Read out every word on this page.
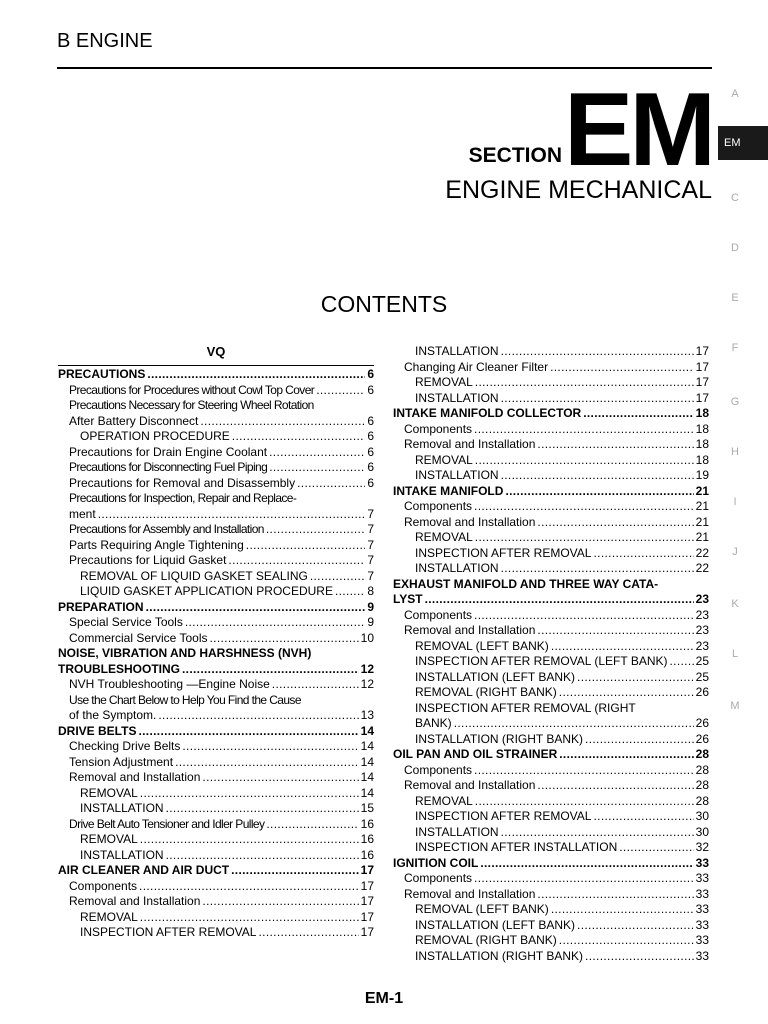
B ENGINE
SECTION EM
ENGINE MECHANICAL
A
EM
C
D
E
F
G
H
I
J
K
L
M
CONTENTS
VQ
PRECAUTIONS . . .	6
Precautions for Procedures without Cowl Top Cover . . .	6
Precautions Necessary for Steering Wheel Rotation
After Battery Disconnect . . .	6
OPERATION PROCEDURE . . .	6
Precautions for Drain Engine Coolant . . .	6
Precautions for Disconnecting Fuel Piping . . .	6
Precautions for Removal and Disassembly . . .	6
Precautions for Inspection, Repair and Replace-
ment . . .	7
Precautions for Assembly and Installation . . .	7
Parts Requiring Angle Tightening . . .	7
Precautions for Liquid Gasket . . .	7
REMOVAL OF LIQUID GASKET SEALING . . .	7
LIQUID GASKET APPLICATION PROCEDURE . . .	8
PREPARATION . . .	9
Special Service Tools . . .	9
Commercial Service Tools . . .	10
NOISE, VIBRATION AND HARSHNESS (NVH)
TROUBLESHOOTING . . .	12
NVH Troubleshooting —Engine Noise . . .	12
Use the Chart Below to Help You Find the Cause
of the Symptom. . . .	13
DRIVE BELTS . . .	14
Checking Drive Belts . . .	14
Tension Adjustment . . .	14
Removal and Installation . . .	14
REMOVAL . . .	14
INSTALLATION . . .	15
Drive Belt Auto Tensioner and Idler Pulley . . .	16
REMOVAL . . .	16
INSTALLATION . . .	16
AIR CLEANER AND AIR DUCT . . .	17
Components . . .	17
Removal and Installation . . .	17
REMOVAL . . .	17
INSPECTION AFTER REMOVAL . . .	17
INSTALLATION . . .	17
Changing Air Cleaner Filter . . .	17
REMOVAL . . .	17
INSTALLATION . . .	17
INTAKE MANIFOLD COLLECTOR . . .	18
Components . . .	18
Removal and Installation . . .	18
REMOVAL . . .	18
INSTALLATION . . .	19
INTAKE MANIFOLD . . .	21
Components . . .	21
Removal and Installation . . .	21
REMOVAL . . .	21
INSPECTION AFTER REMOVAL . . .	22
INSTALLATION . . .	22
EXHAUST MANIFOLD AND THREE WAY CATA-
LYST . . .	23
Components . . .	23
Removal and Installation . . .	23
REMOVAL (LEFT BANK) . . .	23
INSPECTION AFTER REMOVAL (LEFT BANK) . . . 25
INSTALLATION (LEFT BANK) . . .	25
REMOVAL (RIGHT BANK) . . .	26
INSPECTION AFTER REMOVAL (RIGHT
BANK) . . .	26
INSTALLATION (RIGHT BANK) . . .	26
OIL PAN AND OIL STRAINER . . .	28
Components . . .	28
Removal and Installation . . .	28
REMOVAL . . .	28
INSPECTION AFTER REMOVAL . . .	30
INSTALLATION . . .	30
INSPECTION AFTER INSTALLATION . . .	32
IGNITION COIL . . .	33
Components . . .	33
Removal and Installation . . .	33
REMOVAL (LEFT BANK) . . .	33
INSTALLATION (LEFT BANK) . . .	33
REMOVAL (RIGHT BANK) . . .	33
INSTALLATION (RIGHT BANK) . . .	33
EM-1
